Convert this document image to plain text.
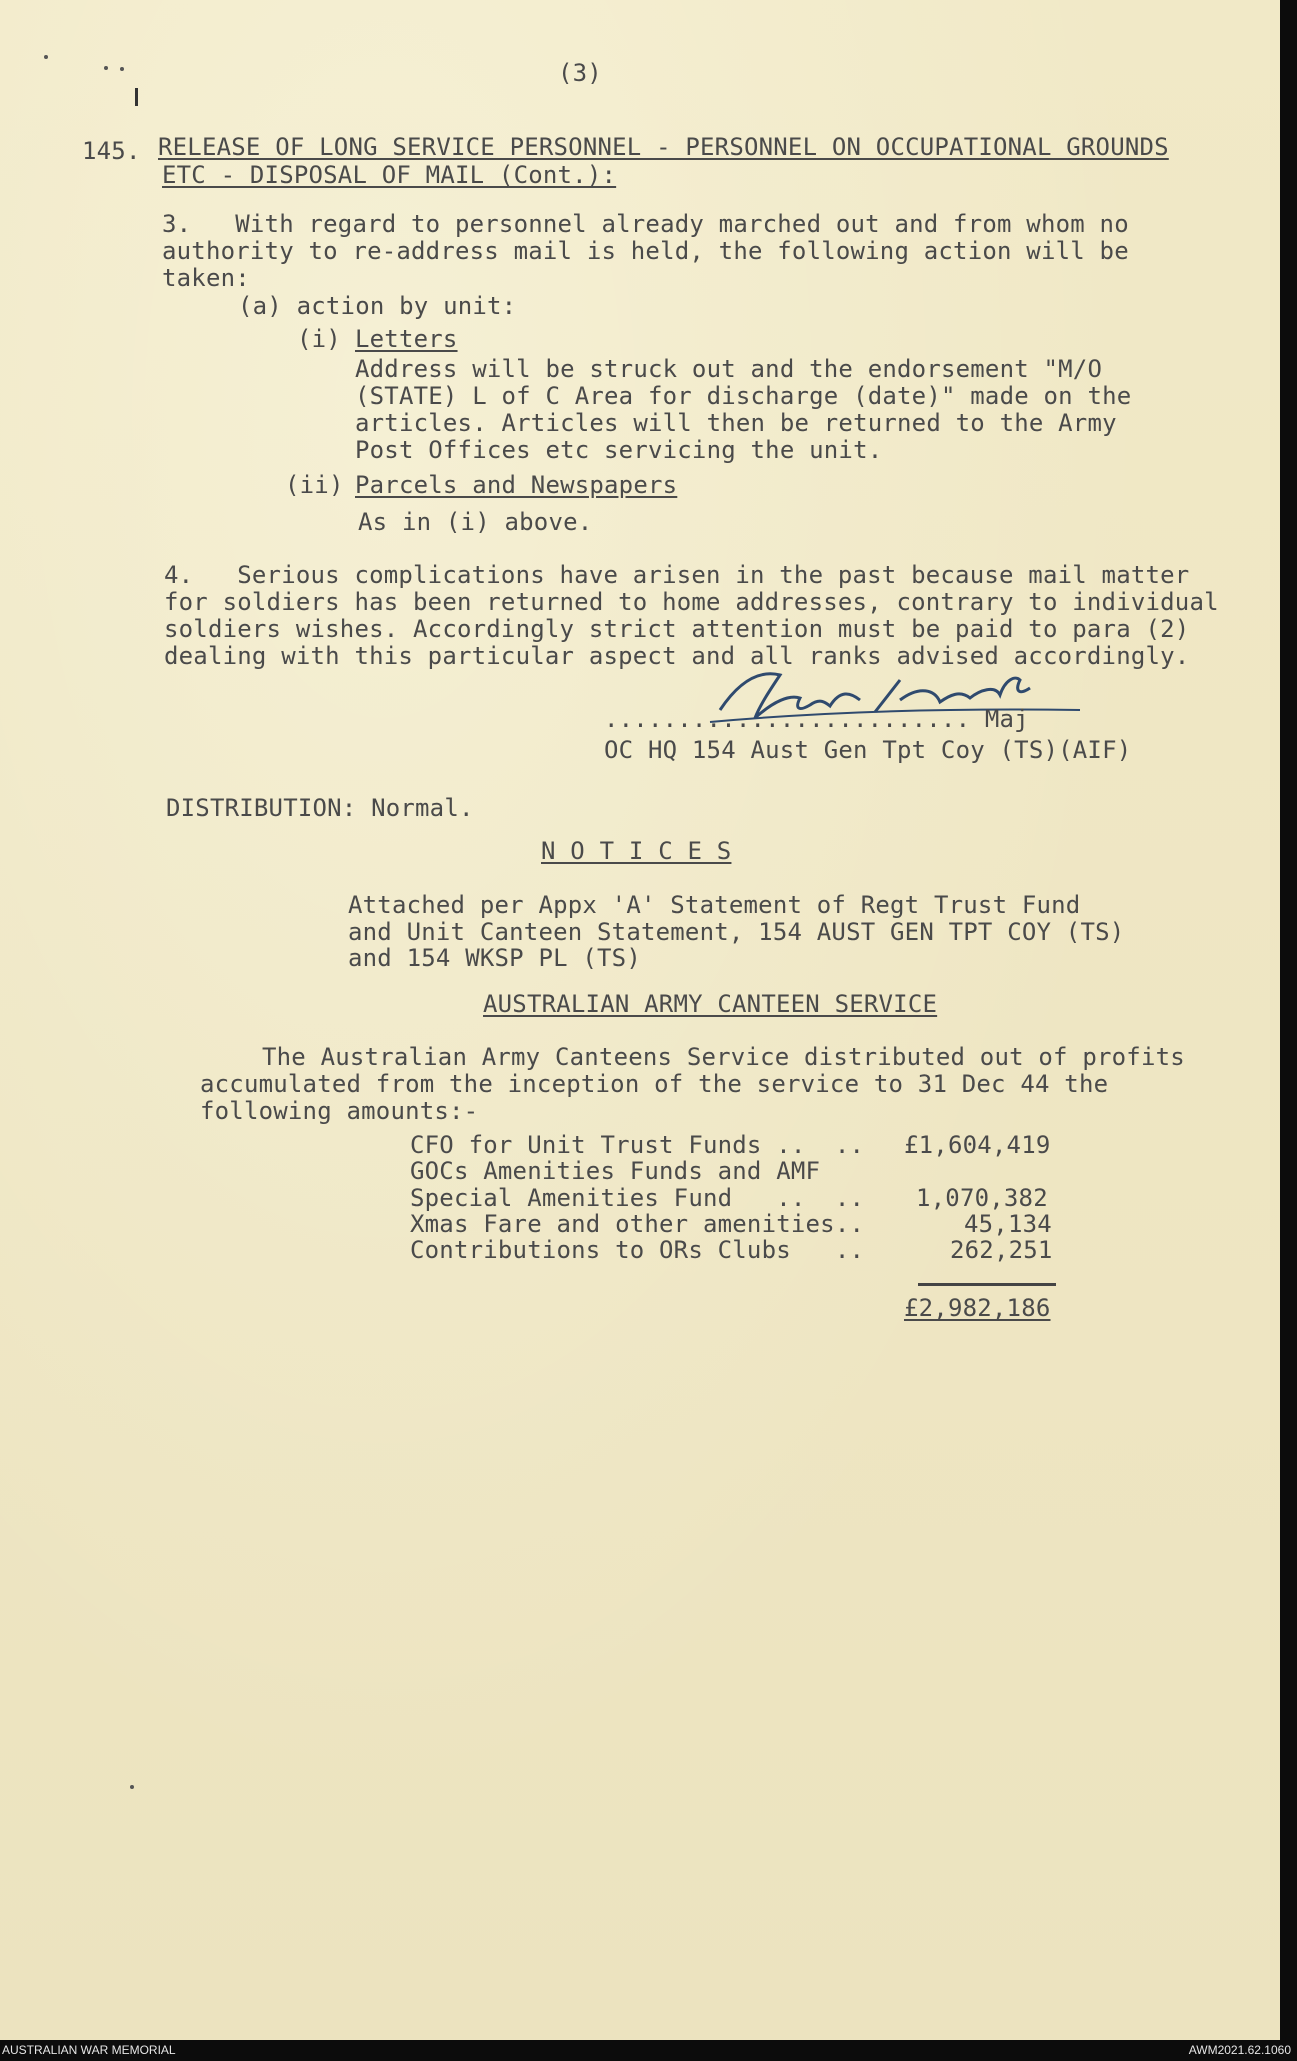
(3)
145. RELEASE OF LONG SERVICE PERSONNEL - PERSONNEL ON OCCUPATIONAL GROUNDS
ETC - DISPOSAL OF MAIL (Cont.):
3.   With regard to personnel already marched out and from whom no
authority to re-address mail is held, the following action will be
taken:
(a) action by unit:
(i) Letters
Address will be struck out and the endorsement "M/O
(STATE) L of C Area for discharge (date)" made on the
articles. Articles will then be returned to the Army
Post Offices etc servicing the unit.
(ii) Parcels and Newspapers
As in (i) above.
4.   Serious complications have arisen in the past because mail matter
for soldiers has been returned to home addresses, contrary to individual
soldiers wishes. Accordingly strict attention must be paid to para (2)
dealing with this particular aspect and all ranks advised accordingly.
......................... Maj
OC HQ 154 Aust Gen Tpt Coy (TS)(AIF)
DISTRIBUTION: Normal.
N O T I C E S
Attached per Appx 'A' Statement of Regt Trust Fund
and Unit Canteen Statement, 154 AUST GEN TPT COY (TS)
and 154 WKSP PL (TS)
AUSTRALIAN ARMY CANTEEN SERVICE
The Australian Army Canteens Service distributed out of profits
accumulated from the inception of the service to 31 Dec 44 the
following amounts:-
CFO for Unit Trust Funds ..  .. £1,604,419
GOCs Amenities Funds and AMF
Special Amenities Fund   ..  .. 1,070,382
Xmas Fare and other amenities..	45,134
Contributions to ORs Clubs   ..	262,251
£2,982,186
AUSTRALIAN WAR MEMORIAL	AWM2021.62.1060
